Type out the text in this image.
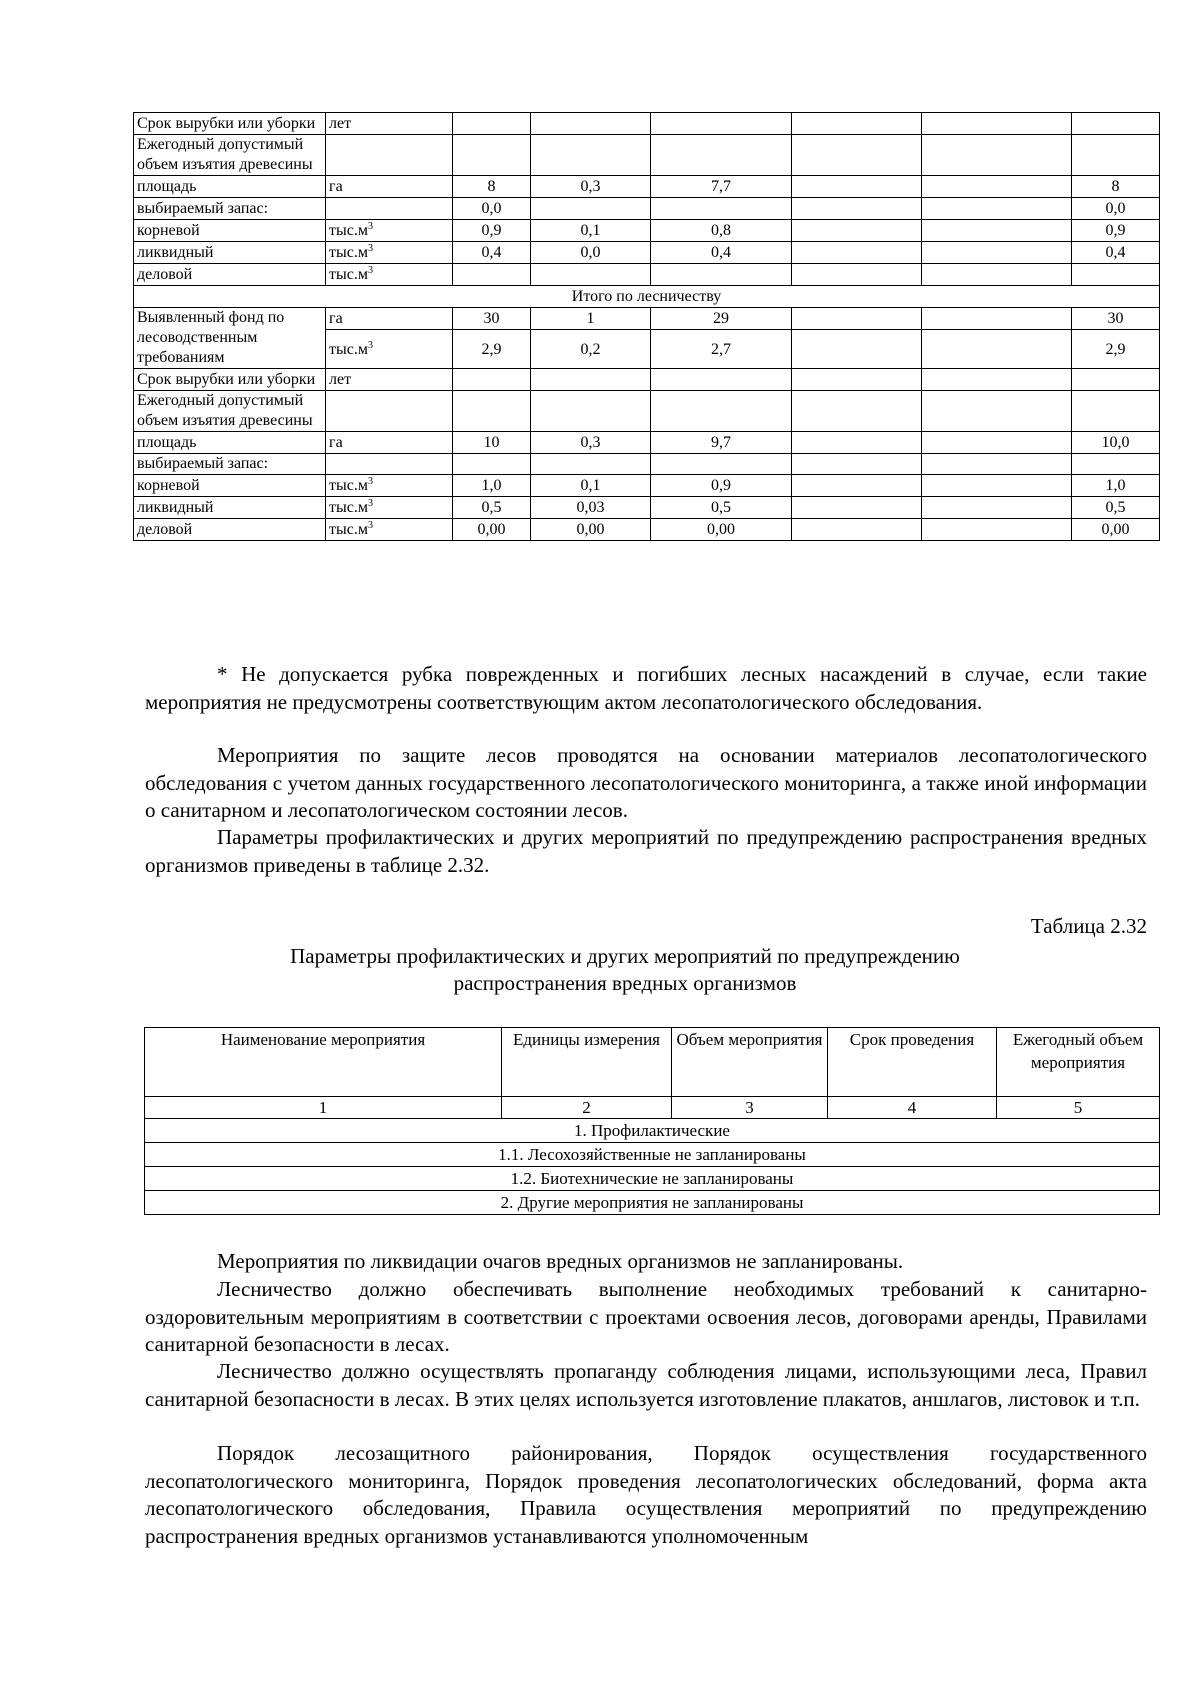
Срок вырубки или уборки	лет						
Ежегодный допустимый объем изъятия древесины							
площадь	га	8	0,3	7,7			8
выбираемый запас:		0,0					0,0
корневой	$тыс.м^3$	0,9	0,1	0,8			0,9
ликвидный	$тыс.м^3$	0,4	0,0	0,4			0,4
деловой	$тыс.м^3$						
Итого по лесничеству							
Выявленный фонд по лесоводственным требованиям	га	30	1	29			30
	$тыс.м^3$	2,9	0,2	2,7			2,9
Срок вырубки или уборки	лет						
Ежегодный допустимый объем изъятия древесины							
площадь	га	10	0,3	9,7			10,0
выбираемый запас:							
корневой	$тыс.м^3$	1,0	0,1	0,9			1,0
ликвидный	$тыс.м^3$	0,5	0,03	0,5			0,5
деловой	$тыс.м^3$	0,00	0,00	0,00			0,00

* Не допускается рубка поврежденных и погибших лесных насаждений в случае, если такие мероприятия не предусмотрены соответствующим актом лесопатологического обследования.

Мероприятия по защите лесов проводятся на основании материалов лесопатологического обследования с учетом данных государственного лесопатологического мониторинга, а также иной информации о санитарном и лесопатологическом состоянии лесов.

Параметры профилактических и других мероприятий по предупреждению распространения вредных организмов приведены в таблице 2.32.

Таблица 2.32
Параметры профилактических и других мероприятий по предупреждению
распространения вредных организмов
Наименование мероприятия	Единицы измерения	Объем мероприятия	Срок проведения	Ежегодный объем мероприятия
1	2	3	4	5
1. Профилактические				
1.1. Лесохозяйственные не запланированы				
1.2. Биотехнические не запланированы				
2. Другие мероприятия не запланированы				

Мероприятия по ликвидации очагов вредных организмов не запланированы.

Лесничество должно обеспечивать выполнение необходимых требований к санитарно-оздоровительным мероприятиям в соответствии с проектами освоения лесов, договорами аренды, Правилами санитарной безопасности в лесах.

Лесничество должно осуществлять пропаганду соблюдения лицами, использующими леса, Правил санитарной безопасности в лесах. В этих целях используется изготовление плакатов, аншлагов, листовок и т.п.

Порядок лесозащитного районирования, Порядок осуществления государственного лесопатологического мониторинга, Порядок проведения лесопатологических обследований, форма акта лесопатологического обследования, Правила осуществления мероприятий по предупреждению распространения вредных организмов устанавливаются уполномоченным
